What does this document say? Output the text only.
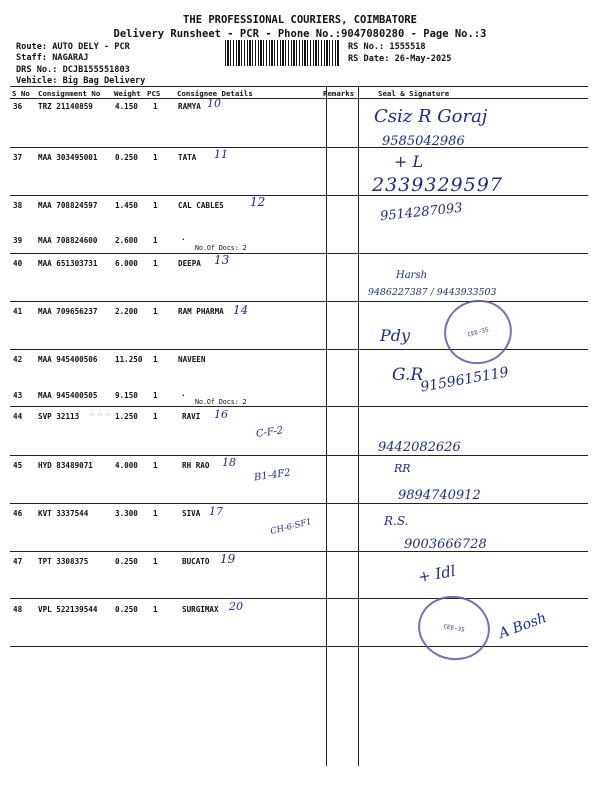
THE PROFESSIONAL COURIERS, COIMBATORE
Delivery Runsheet - PCR - Phone No.:9047080280 - Page No.:3
Route: AUTO DELY - PCR
Staff: NAGARAJ
DRS No.: DCJB155551803
Vehicle: Big Bag Delivery
RS No.: 1555518
RS Date: 26-May-2025
S No Consignment No Weight PCS Consignee Details	Remarks	Seal & Signature
36 TRZ 21140859	4.150 1	RAMYA 10
37 MAA 303495001 0.250 1	TATA 11
38 MAA 708824597 1.450 1	CAL CABLES 12
39 MAA 708824600 2.600 1	.
No.Of Docs: 2
40 MAA 651303731 6.000 1	DEEPA 13
41 MAA 709656237 2.200 1	RAM PHARMA 14
42 MAA 945400506 11.250 1	NAVEEN
43 MAA 945400505 9.150 1	.
No.Of Docs: 2
44 SVP 32113	1.250 1	RAVI 16
▭ ▭ ▭ ▭ ▭
45 HYD 83489071	4.000 1	RH RAO 18
46 KVT 3337544	3.300 1	SIVA 17
47 TPT 3308375	0.250 1	BUCATO 19
48 VPL 522139544 0.250 1	SURGIMAX 20
C-F-2
B1-4F2
CH-6-SF1
Csiz R Goraj
9585042986
+ L
2339329597
9514287093
Harsh
9486227387 / 9443933503
Pdy
G.R
9159615119
9442082626
RR
9894740912
R.S.
9003666728
+ Idl
A Bosh
CEE-35
CEE-35
